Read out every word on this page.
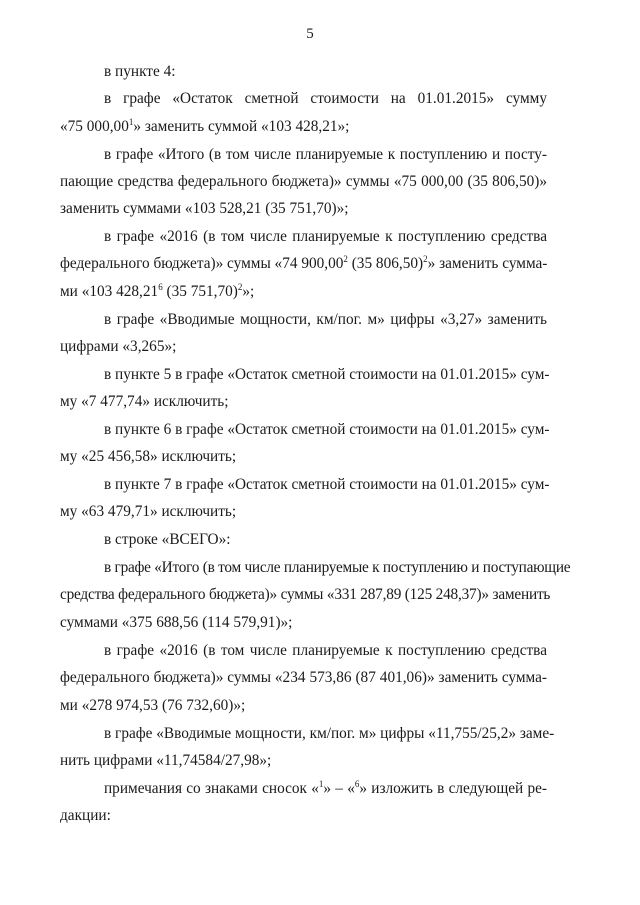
5
в пункте 4:
в графе «Остаток сметной стоимости на 01.01.2015» сумму
«75 000,00$^1$» заменить суммой «103 428,21»;
в графе «Итого (в том числе планируемые к поступлению и посту-
пающие средства федерального бюджета)» суммы «75 000,00 (35 806,50)»
заменить суммами «103 528,21 (35 751,70)»;
в графе «2016 (в том числе планируемые к поступлению средства
федерального бюджета)» суммы «74 900,00$^2$ (35 806,50)$^2$» заменить сумма-
ми «103 428,21$^6$ (35 751,70)$^2$»;
в графе «Вводимые мощности, км/пог. м» цифры «3,27» заменить
цифрами «3,265»;
в пункте 5 в графе «Остаток сметной стоимости на 01.01.2015» сум-
му «7 477,74» исключить;
в пункте 6 в графе «Остаток сметной стоимости на 01.01.2015» сум-
му «25 456,58» исключить;
в пункте 7 в графе «Остаток сметной стоимости на 01.01.2015» сум-
му «63 479,71» исключить;
в строке «ВСЕГО»:
в графе «Итого (в том числе планируемые к поступлению и поступающие
средства федерального бюджета)» суммы «331 287,89 (125 248,37)» заменить
суммами «375 688,56 (114 579,91)»;
в графе «2016 (в том числе планируемые к поступлению средства
федерального бюджета)» суммы «234 573,86 (87 401,06)» заменить сумма-
ми «278 974,53 (76 732,60)»;
в графе «Вводимые мощности, км/пог. м» цифры «11,755/25,2» заме-
нить цифрами «11,74584/27,98»;
примечания со знаками сносок «$^1$» – «$^6$» изложить в следующей ре-
дакции:
